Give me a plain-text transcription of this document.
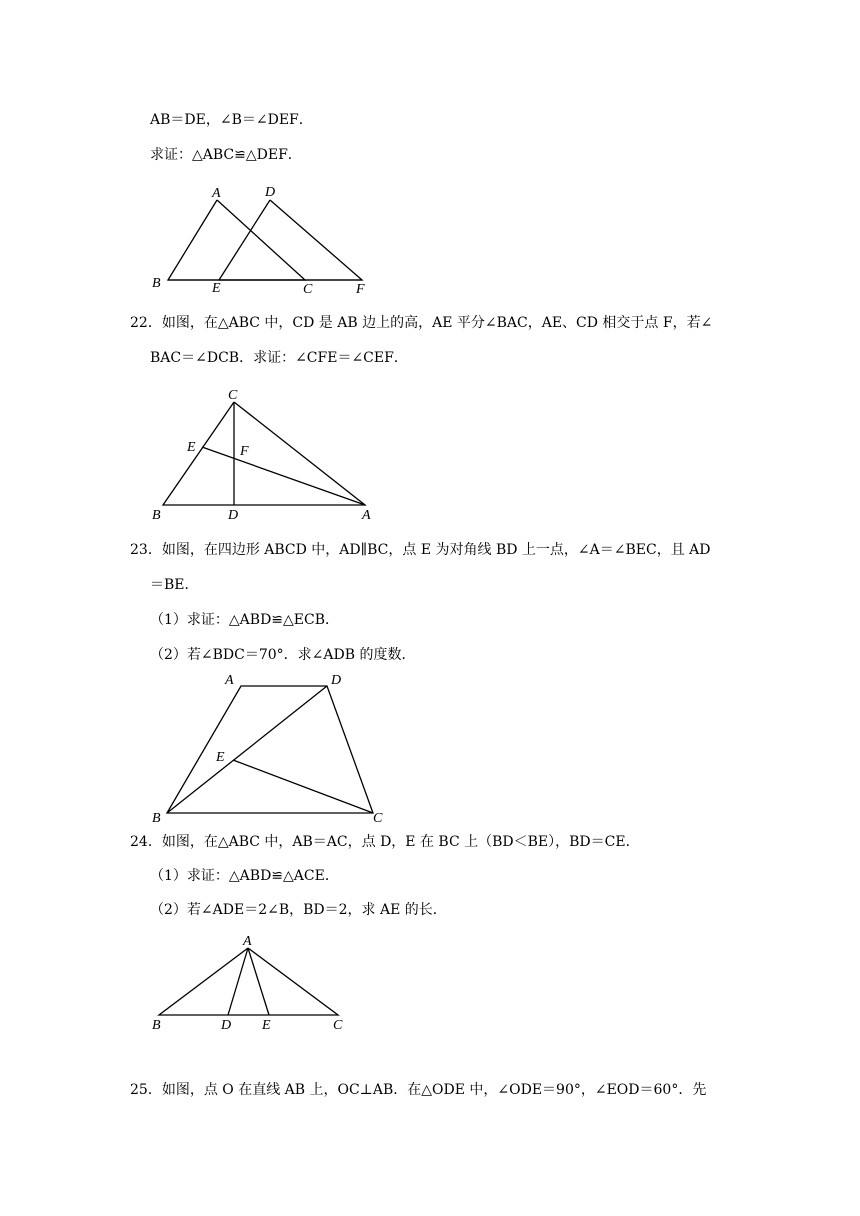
AB＝DE，∠B＝∠DEF．
求证：△ABC≌△DEF．
A	D
B	E	C	F
22．如图，在△ABC 中，CD 是 AB 边上的高，AE 平分∠BAC，AE、CD 相交于点 F，若∠
BAC＝∠DCB．求证：∠CFE＝∠CEF．
C
E	F
B	D	A
23．如图，在四边形 ABCD 中，AD∥BC，点 E 为对角线 BD 上一点，∠A＝∠BEC，且 AD
＝BE．
（1）求证：△ABD≌△ECB．
（2）若∠BDC＝70°．求∠ADB 的度数．
A	D
E
B	C
24．如图，在△ABC 中，AB＝AC，点 D，E 在 BC 上（BD＜BE），BD＝CE．
（1）求证：△ABD≌△ACE．
（2）若∠ADE＝2∠B，BD＝2，求 AE 的长．
A
B	D E	C
25．如图，点 O 在直线 AB 上，OC⊥AB．在△ODE 中，∠ODE＝90°，∠EOD＝60°．先
